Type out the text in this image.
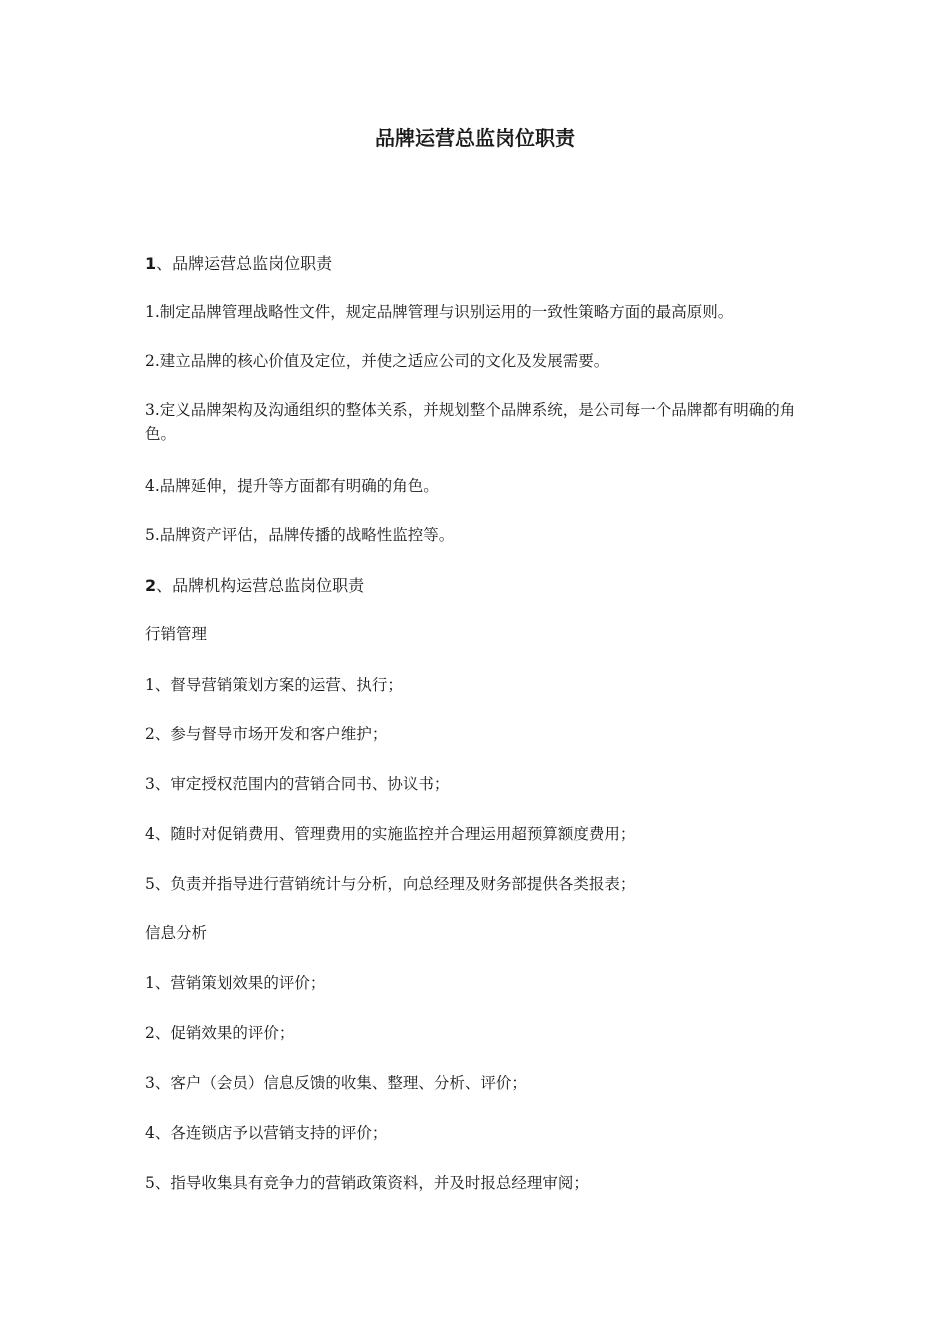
品牌运营总监岗位职责

1、品牌运营总监岗位职责

1.制定品牌管理战略性文件，规定品牌管理与识别运用的一致性策略方面的最高原则。

2.建立品牌的核心价值及定位，并使之适应公司的文化及发展需要。

3.定义品牌架构及沟通组织的整体关系，并规划整个品牌系统，是公司每一个品牌都有明确的角色。

4.品牌延伸，提升等方面都有明确的角色。

5.品牌资产评估，品牌传播的战略性监控等。

2、品牌机构运营总监岗位职责

行销管理

1、督导营销策划方案的运营、执行；

2、参与督导市场开发和客户维护；

3、审定授权范围内的营销合同书、协议书；

4、随时对促销费用、管理费用的实施监控并合理运用超预算额度费用；

5、负责并指导进行营销统计与分析，向总经理及财务部提供各类报表；

信息分析

1、营销策划效果的评价；

2、促销效果的评价；

3、客户（会员）信息反馈的收集、整理、分析、评价；

4、各连锁店予以营销支持的评价；

5、指导收集具有竞争力的营销政策资料，并及时报总经理审阅；
